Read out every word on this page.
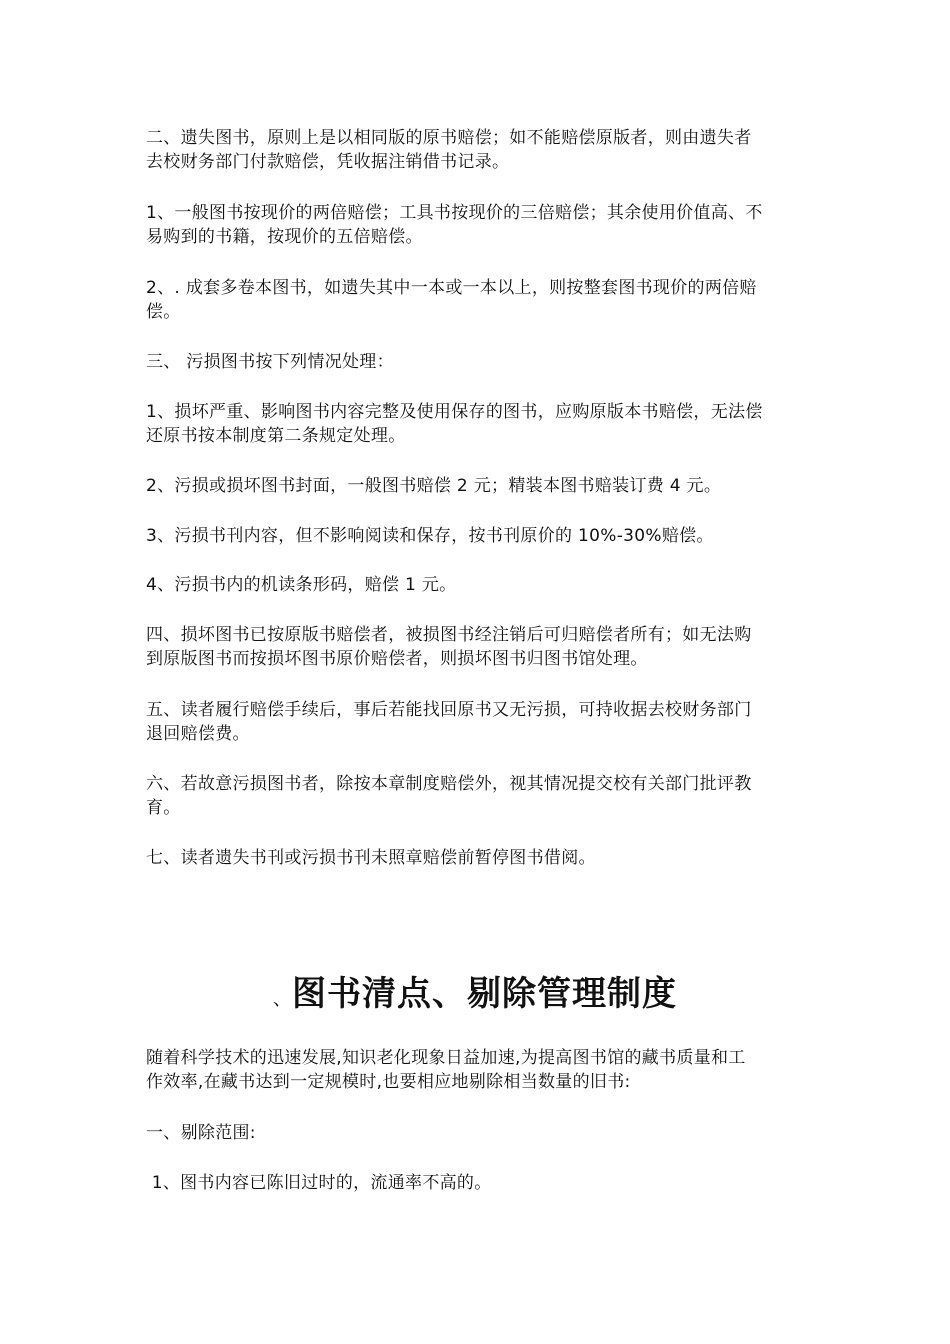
二、遗失图书，原则上是以相同版的原书赔偿；如不能赔偿原版者，则由遗失者

去校财务部门付款赔偿，凭收据注销借书记录。

1、一般图书按现价的两倍赔偿；工具书按现价的三倍赔偿；其余使用价值高、不

易购到的书籍，按现价的五倍赔偿。

2、. 成套多卷本图书，如遗失其中一本或一本以上，则按整套图书现价的两倍赔

偿。

三、 污损图书按下列情况处理：

1、损坏严重、影响图书内容完整及使用保存的图书，应购原版本书赔偿，无法偿

还原书按本制度第二条规定处理。

2、污损或损坏图书封面，一般图书赔偿 2 元；精装本图书赔装订费 4 元。

3、污损书刊内容，但不影响阅读和保存，按书刊原价的 10%-30%赔偿。

4、污损书内的机读条形码，赔偿 1 元。

四、损坏图书已按原版书赔偿者，被损图书经注销后可归赔偿者所有；如无法购

到原版图书而按损坏图书原价赔偿者，则损坏图书归图书馆处理。

五、读者履行赔偿手续后，事后若能找回原书又无污损，可持收据去校财务部门

退回赔偿费。

六、若故意污损图书者，除按本章制度赔偿外，视其情况提交校有关部门批评教

育。

七、读者遗失书刊或污损书刊未照章赔偿前暂停图书借阅。

、图书清点、剔除管理制度

随着科学技术的迅速发展,知识老化现象日益加速,为提高图书馆的藏书质量和工

作效率,在藏书达到一定规模时,也要相应地剔除相当数量的旧书:

一、剔除范围:

1、图书内容已陈旧过时的，流通率不高的。
